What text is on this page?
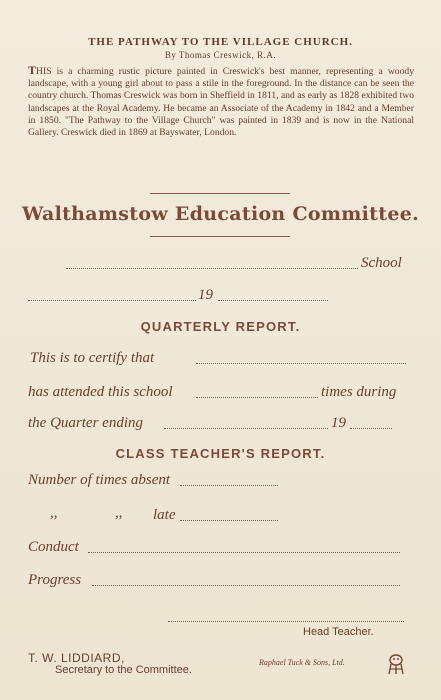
THE PATHWAY TO THE VILLAGE CHURCH.
By Thomas Creswick, R.A.
THIS is a charming rustic picture painted in Creswick's best manner, representing a woody landscape, with a young girl about to pass a stile in the foreground. In the distance can be seen the country church. Thomas Creswick was born in Sheffield in 1811, and as early as 1828 exhibited two landscapes at the Royal Academy. He became an Associate of the Academy in 1842 and a Member in 1850. "The Pathway to the Village Church" was painted in 1839 and is now in the National Gallery. Creswick died in 1869 at Bayswater, London.
Walthamstow Education Committee.
School
19
QUARTERLY REPORT.
This is to certify that
has attended this school	times during
the Quarter ending	19
CLASS TEACHER'S REPORT.
Number of times absent
,,	,, late
Conduct
Progress
Head Teacher.
T. W. LIDDIARD,
Secretary to the Committee.
Raphael Tuck & Sons, Ltd.
